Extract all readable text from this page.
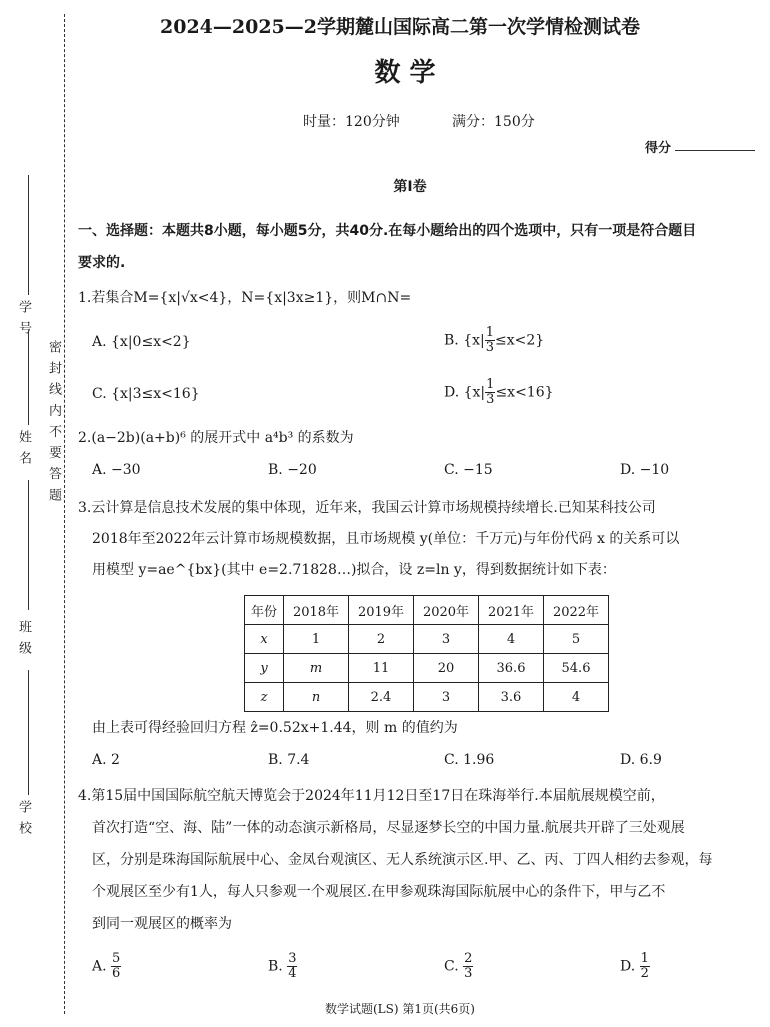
密 封 线 内 不 要 答 题
学 号
姓 名
班 级
学 校
2024—2025—2学期麓山国际高二第一次学情检测试卷
数 学
时量：120分钟	满分：150分
得分
第Ⅰ卷
一、选择题：本题共8小题，每小题5分，共40分.在每小题给出的四个选项中，只有一项是符合题目
要求的.
1.若集合M={x|√x<4}，N={x|3x≥1}，则M∩N=
A. {x|0≤x<2}	B. $\{x| \frac{1}{3} \le x<2\}$
C. {x|3≤x<16}	D. $\{x| \frac{1}{3} \le x<16\}$
2.(a−2b)(a+b)⁶ 的展开式中 a⁴b³ 的系数为
A. −30	B. −20	C. −15	D. −10
3.云计算是信息技术发展的集中体现，近年来，我国云计算市场规模持续增长.已知某科技公司
2018年至2022年云计算市场规模数据，且市场规模 y(单位：千万元)与年份代码 x 的关系可以
用模型 y=ae^{bx}(其中 e=2.71828…)拟合，设 z=ln y，得到数据统计如下表：
年份	2018年	2019年	2020年	2021年	2022年
x	1	2	3	4	5
y	m	11	20	36.6	54.6
z	n	2.4	3	3.6	4
由上表可得经验回归方程 ẑ=0.52x+1.44，则 m 的值约为
A. 2	B. 7.4	C. 1.96	D. 6.9
4.第15届中国国际航空航天博览会于2024年11月12日至17日在珠海举行.本届航展规模空前，
首次打造“空、海、陆”一体的动态演示新格局，尽显逐梦长空的中国力量.航展共开辟了三处观展
区，分别是珠海国际航展中心、金凤台观演区、无人系统演示区.甲、乙、丙、丁四人相约去参观，每
个观展区至少有1人，每人只参观一个观展区.在甲参观珠海国际航展中心的条件下，甲与乙不
到同一观展区的概率为
A. $\frac{5}{6}$	B. $\frac{3}{4}$	C. $\frac{2}{3}$	D. $\frac{1}{2}$
数学试题(LS) 第1页(共6页)
